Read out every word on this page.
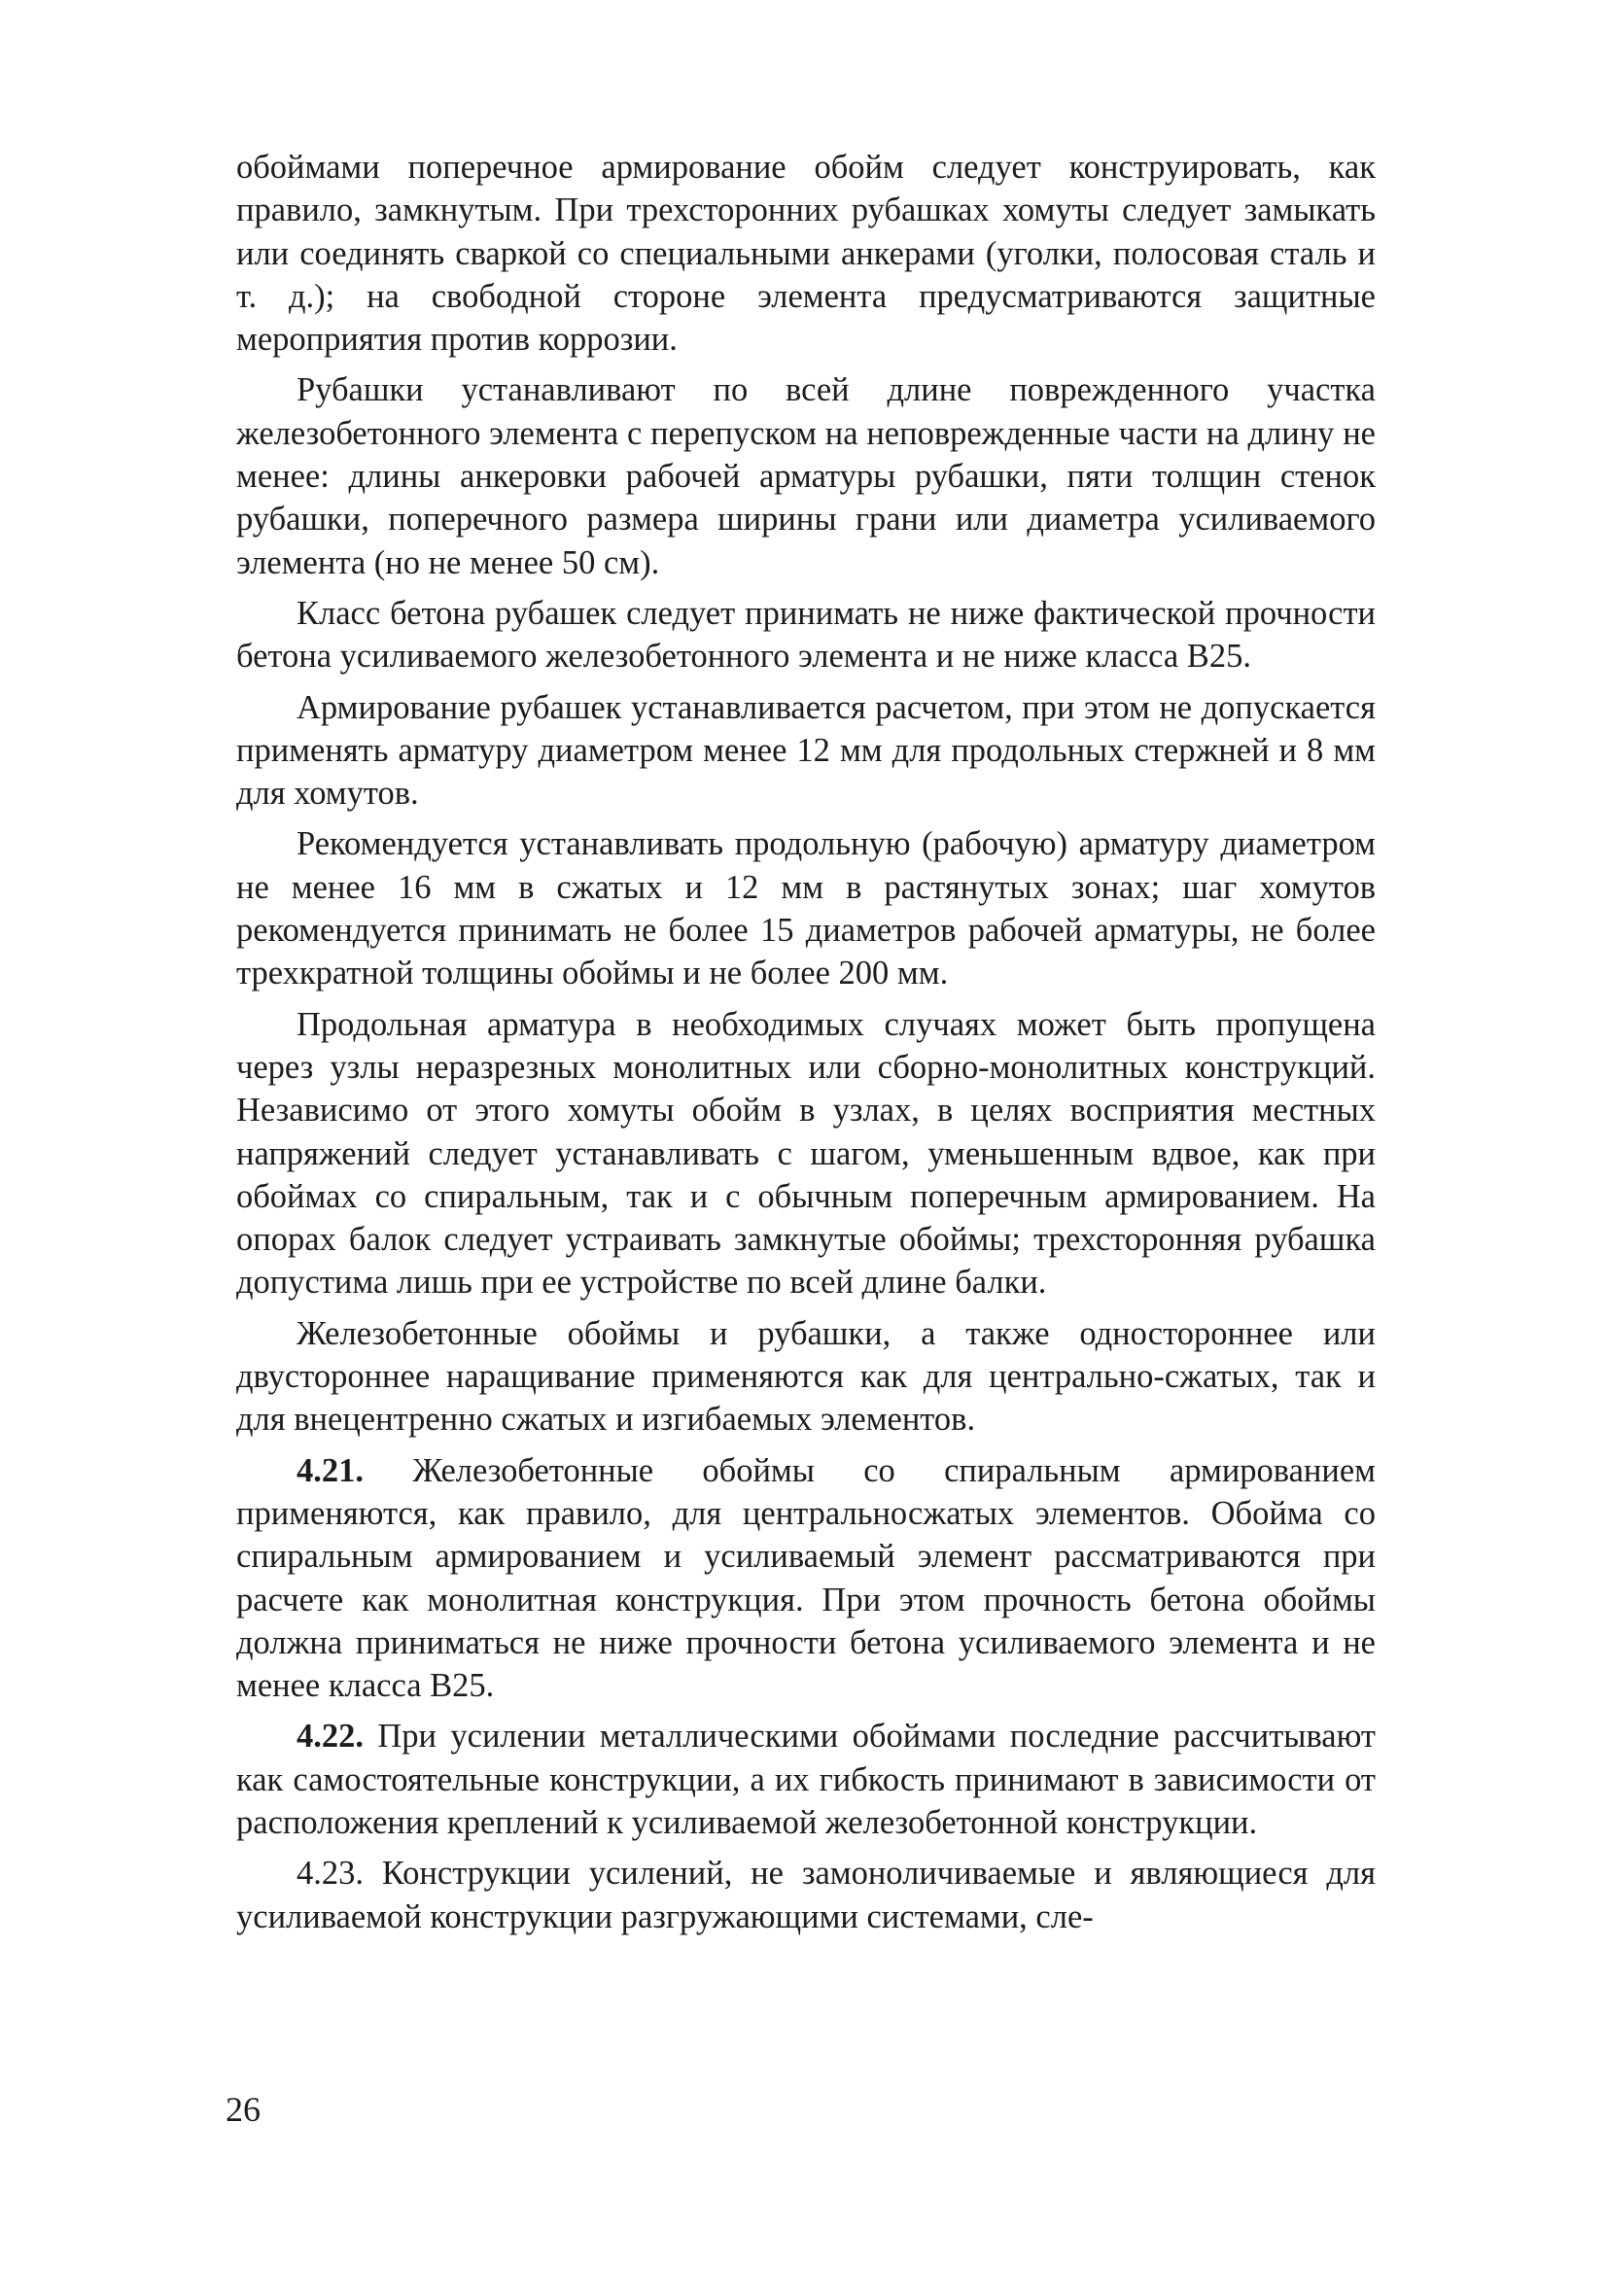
обоймами поперечное армирование обойм следует конструировать, как правило, замкнутым. При трехсторонних рубашках хомуты следует замыкать или соединять сваркой со специальными анкерами (уголки, полосовая сталь и т. д.); на свободной стороне элемента предусматриваются защитные мероприятия против коррозии.

Рубашки устанавливают по всей длине поврежденного участка железобетонного элемента с перепуском на неповрежденные части на длину не менее: длины анкеровки рабочей арматуры рубашки, пяти толщин стенок рубашки, поперечного размера ширины грани или диаметра усиливаемого элемента (но не менее 50 см).

Класс бетона рубашек следует принимать не ниже фактической прочности бетона усиливаемого железобетонного элемента и не ниже класса В25.

Армирование рубашек устанавливается расчетом, при этом не допускается применять арматуру диаметром менее 12 мм для продольных стержней и 8 мм для хомутов.

Рекомендуется устанавливать продольную (рабочую) арматуру диаметром не менее 16 мм в сжатых и 12 мм в растянутых зонах; шаг хомутов рекомендуется принимать не более 15 диаметров рабочей арматуры, не более трехкратной толщины обоймы и не более 200 мм.

Продольная арматура в необходимых случаях может быть пропущена через узлы неразрезных монолитных или сборно-монолитных конструкций. Независимо от этого хомуты обойм в узлах, в целях восприятия местных напряжений следует устанавливать с шагом, уменьшенным вдвое, как при обоймах со спиральным, так и с обычным поперечным армированием. На опорах балок следует устраивать замкнутые обоймы; трехсторонняя рубашка допустима лишь при ее устройстве по всей длине балки.

Железобетонные обоймы и рубашки, а также одностороннее или двустороннее наращивание применяются как для центрально-сжатых, так и для внецентренно сжатых и изгибаемых элементов.

4.21. Железобетонные обоймы со спиральным армированием применяются, как правило, для центральносжатых элементов. Обойма со спиральным армированием и усиливаемый элемент рассматриваются при расчете как монолитная конструкция. При этом прочность бетона обоймы должна приниматься не ниже прочности бетона усиливаемого элемента и не менее класса В25.

4.22. При усилении металлическими обоймами последние рассчитывают как самостоятельные конструкции, а их гибкость принимают в зависимости от расположения креплений к усиливаемой железобетонной конструкции.

4.23. Конструкции усилений, не замоноличиваемые и являющиеся для усиливаемой конструкции разгружающими системами, сле-

26
